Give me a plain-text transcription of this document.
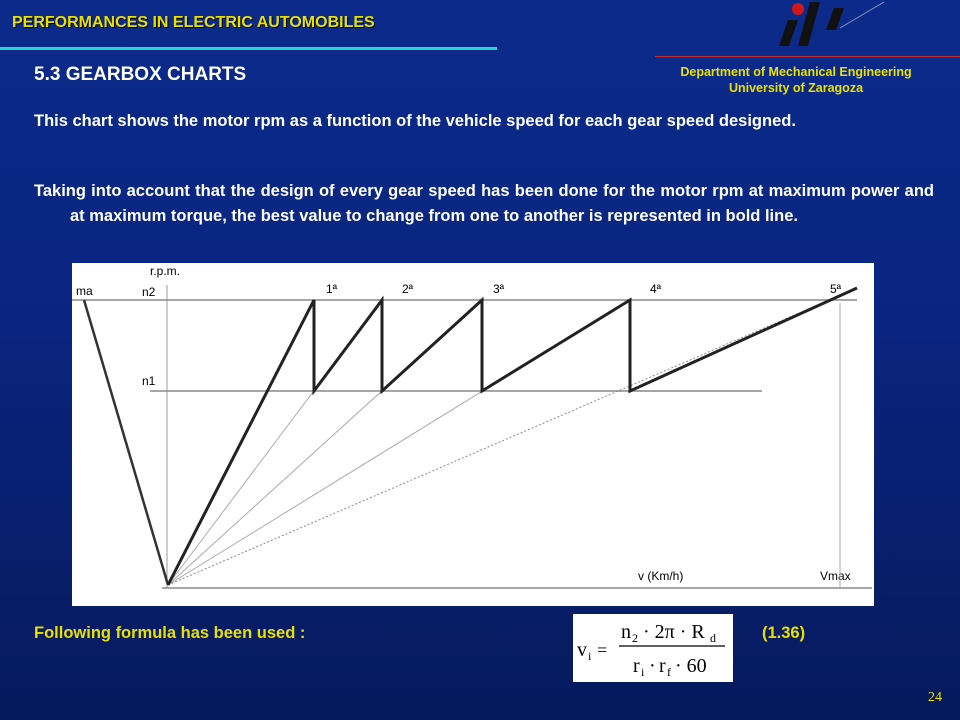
PERFORMANCES IN ELECTRIC AUTOMOBILES
Department of Mechanical Engineering
University of Zaragoza
5.3 GEARBOX CHARTS
This chart shows the motor rpm as a function of the vehicle speed for each gear speed designed.
Taking into account that the design of every gear speed has been done for the motor rpm at maximum power and at maximum torque, the best value to change from one to another is represented in bold line.
r.p.m.
ma	n2
n1
1ª	2ª	3ª	4ª	5ª
v (Km/h)	Vmax
Following formula has been used :
v i =
n 2 · 2π · R d
r i · r f · 60
(1.36)
24
